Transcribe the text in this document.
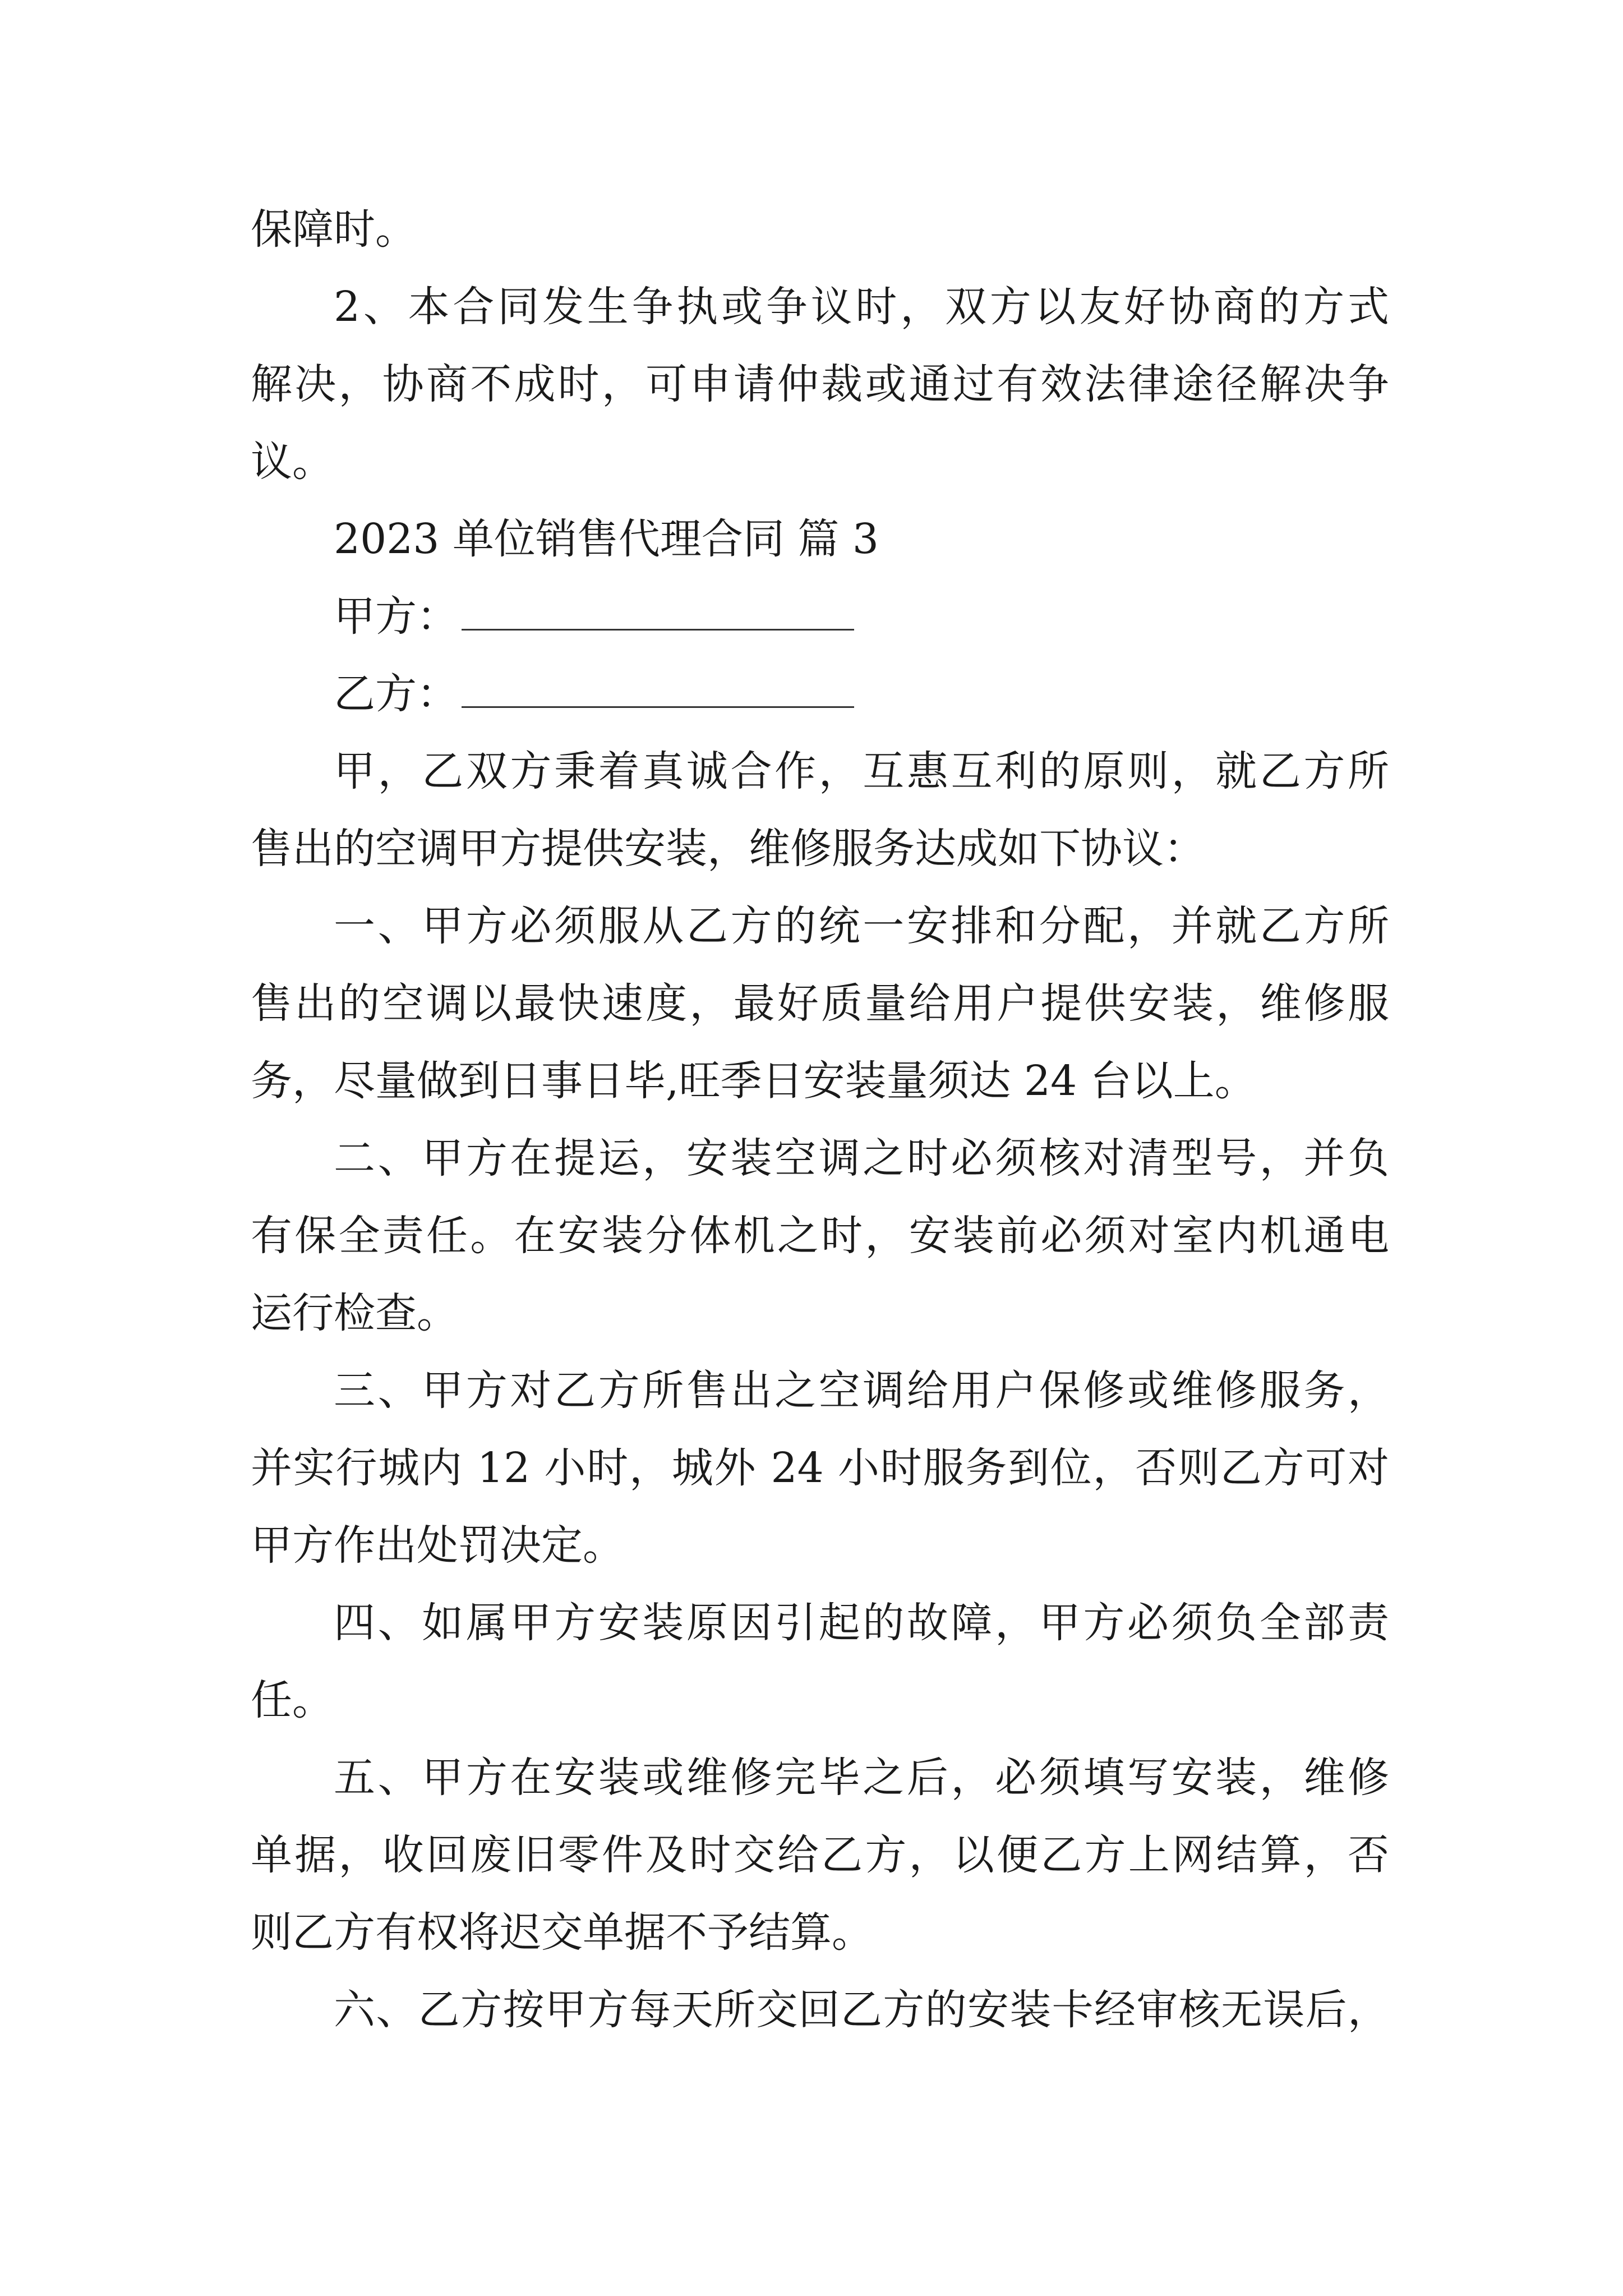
保障时。
2、本合同发生争执或争议时，双方以友好协商的方式
解决，协商不成时，可申请仲裁或通过有效法律途径解决争
议。
2023 单位销售代理合同 篇 3
甲方：
乙方：
甲，乙双方秉着真诚合作，互惠互利的原则，就乙方所
售出的空调甲方提供安装，维修服务达成如下协议：
一、甲方必须服从乙方的统一安排和分配，并就乙方所
售出的空调以最快速度，最好质量给用户提供安装，维修服
务，尽量做到日事日毕,旺季日安装量须达 24 台以上。
二、甲方在提运，安装空调之时必须核对清型号，并负
有保全责任。在安装分体机之时，安装前必须对室内机通电
运行检查。
三、甲方对乙方所售出之空调给用户保修或维修服务，
并实行城内 12 小时，城外 24 小时服务到位，否则乙方可对
甲方作出处罚决定。
四、如属甲方安装原因引起的故障，甲方必须负全部责
任。
五、甲方在安装或维修完毕之后，必须填写安装，维修
单据，收回废旧零件及时交给乙方，以便乙方上网结算，否
则乙方有权将迟交单据不予结算。
六、乙方按甲方每天所交回乙方的安装卡经审核无误后，
